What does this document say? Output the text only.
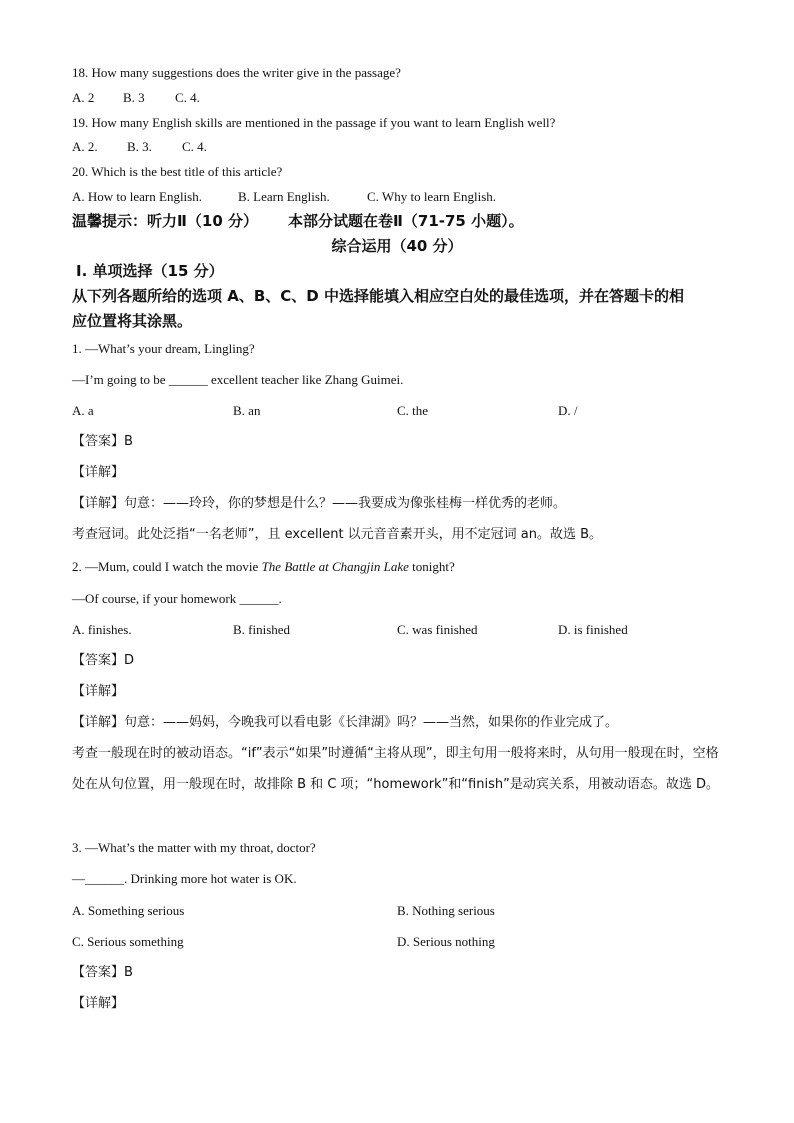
18. How many suggestions does the writer give in the passage?
A. 2 B. 3 C. 4.
19. How many English skills are mentioned in the passage if you want to learn English well?
A. 2. B. 3. C. 4.
20. Which is the best title of this article?
A. How to learn English.	B. Learn English.	C. Why to learn English.
温馨提示：听力Ⅱ（10 分） 本部分试题在卷Ⅱ（71-75 小题）。
综合运用（40 分）
Ⅰ. 单项选择（15 分）
从下列各题所给的选项 A、B、C、D 中选择能填入相应空白处的最佳选项，并在答题卡的相
应位置将其涂黑。
1. —What’s your dream, Lingling?
—I’m going to be ______ excellent teacher like Zhang Guimei.
A. a	B. an	C. the	D. /
【答案】B
【详解】
【详解】句意：——玲玲，你的梦想是什么？——我要成为像张桂梅一样优秀的老师。
考查冠词。此处泛指“一名老师”，且 excellent 以元音音素开头，用不定冠词 an。故选 B。
2. —Mum, could I watch the movie The Battle at Changjin Lake tonight?
—Of course, if your homework ______.
A. finishes.	B. finished	C. was finished	D. is finished
【答案】D
【详解】
【详解】句意：——妈妈，今晚我可以看电影《长津湖》吗？——当然，如果你的作业完成了。
考查一般现在时的被动语态。“if”表示“如果”时遵循“主将从现”，即主句用一般将来时，从句用一般现在时，空格处在从句位置，用一般现在时，故排除 B 和 C 项；“homework”和“finish”是动宾关系，用被动语态。故选 D。
3. —What’s the matter with my throat, doctor?
—______. Drinking more hot water is OK.
A. Something serious	B. Nothing serious
C. Serious something	D. Serious nothing
【答案】B
【详解】
